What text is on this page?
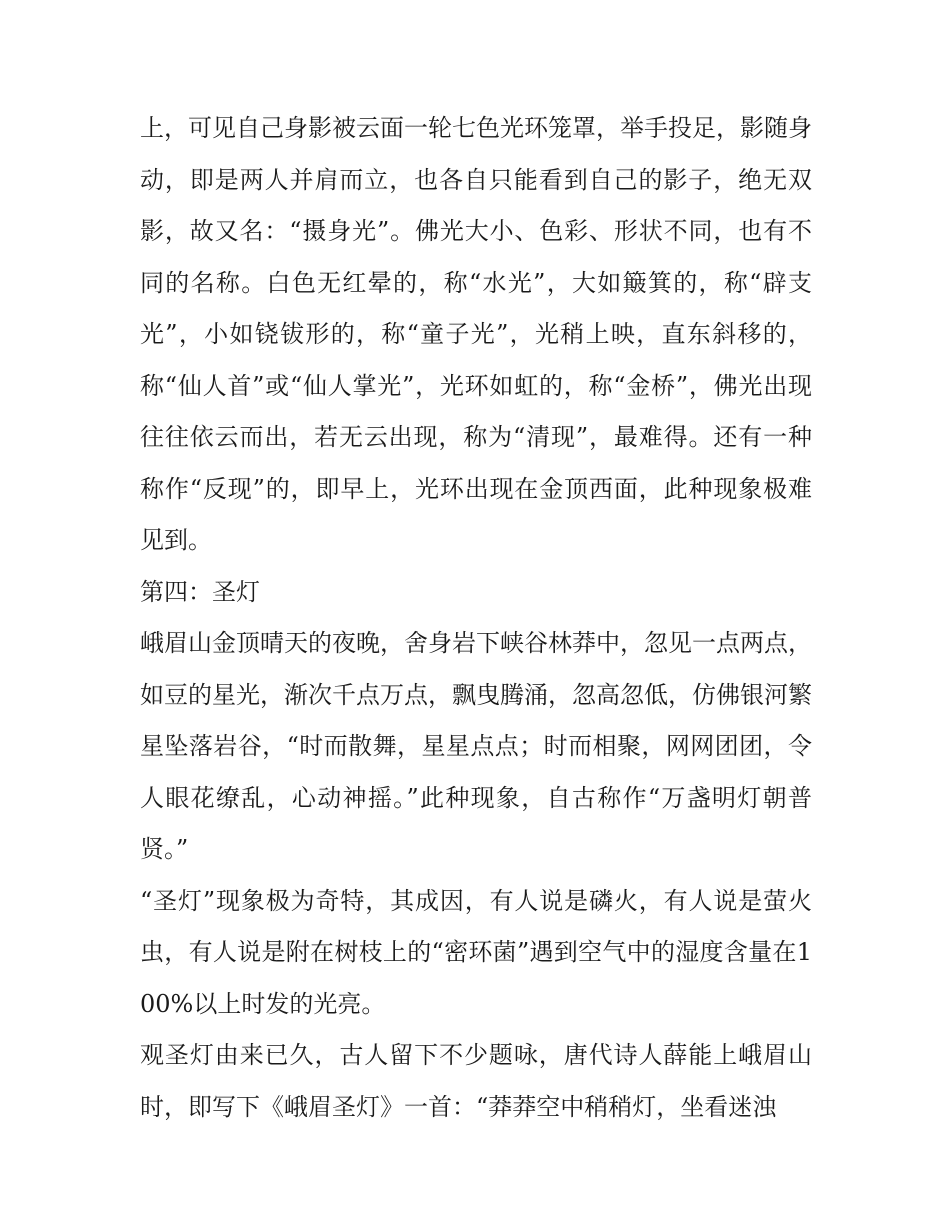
上，可见自己身影被云面一轮七色光环笼罩，举手投足，影随身动，即是两人并肩而立，也各自只能看到自己的影子，绝无双影，故又名：“摄身光”。佛光大小、色彩、形状不同，也有不同的名称。白色无红晕的，称“水光”，大如簸箕的，称“辟支光”，小如铙钹形的，称“童子光”，光稍上映，直东斜移的，称“仙人首”或“仙人掌光”，光环如虹的，称“金桥”，佛光出现往往依云而出，若无云出现，称为“清现”，最难得。还有一种称作“反现”的，即早上，光环出现在金顶西面，此种现象极难见到。

第四：圣灯

峨眉山金顶晴天的夜晚，舍身岩下峡谷林莽中，忽见一点两点，如豆的星光，渐次千点万点，飘曳腾涌，忽高忽低，仿佛银河繁星坠落岩谷，“时而散舞，星星点点；时而相聚，网网团团，令人眼花缭乱，心动神摇。”此种现象，自古称作“万盏明灯朝普贤。”

“圣灯”现象极为奇特，其成因，有人说是磷火，有人说是萤火虫，有人说是附在树枝上的“密环菌”遇到空气中的湿度含量在100%以上时发的光亮。

观圣灯由来已久，古人留下不少题咏，唐代诗人薛能上峨眉山时，即写下《峨眉圣灯》一首：“莽莽空中稍稍灯，坐看迷浊
